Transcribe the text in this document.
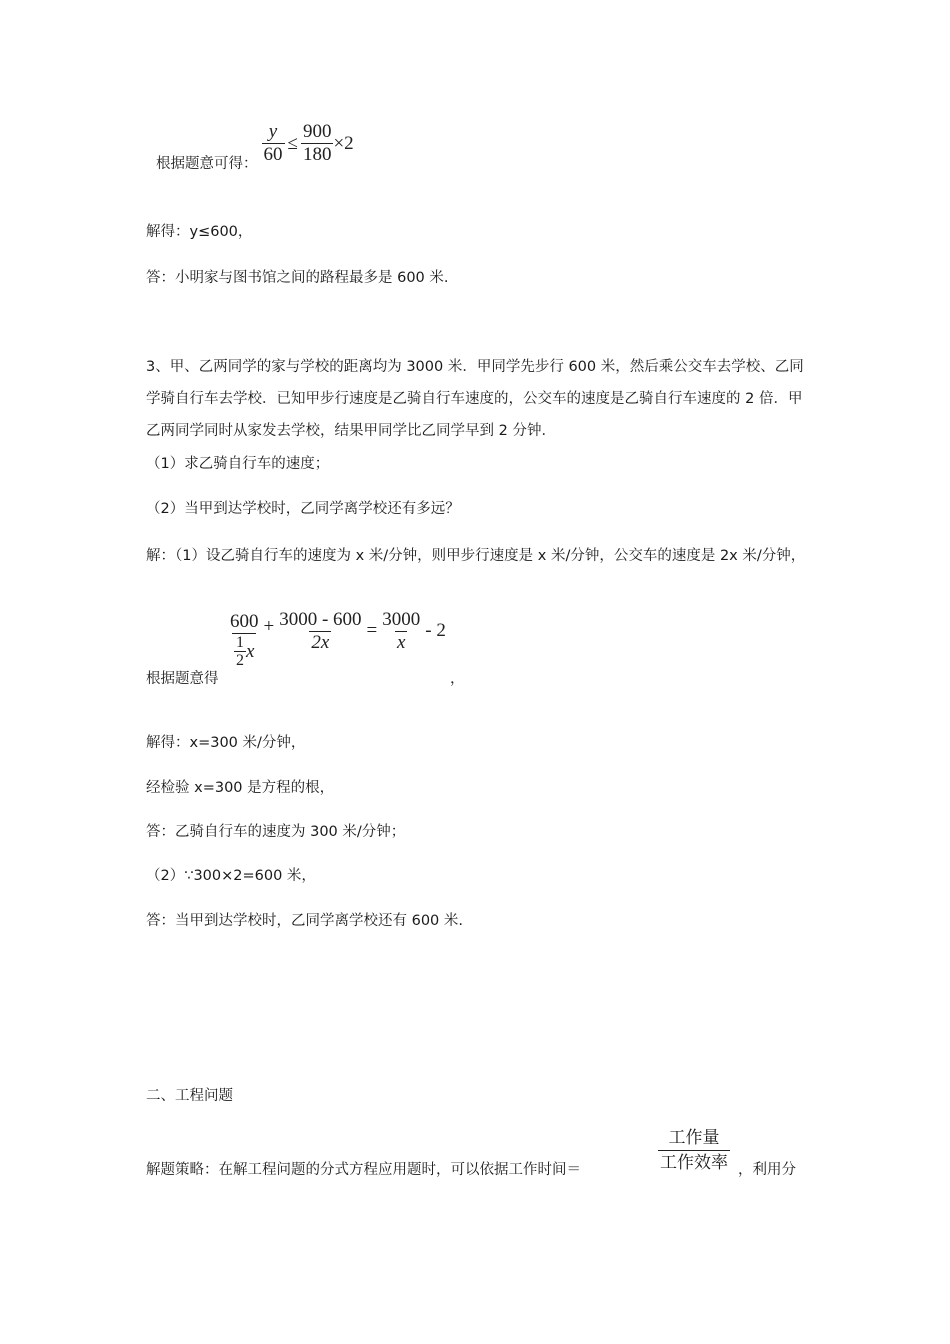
根据题意可得： $\frac{y}{60} \le \frac{900}{180} \times 2$
解得：y≤600，
答：小明家与图书馆之间的路程最多是 600 米.
3、甲、乙两同学的家与学校的距离均为 3000 米．甲同学先步行 600 米，然后乘公交车去学校、乙同学骑自行车去学校．已知甲步行速度是乙骑自行车速度的，公交车的速度是乙骑自行车速度的 2 倍．甲乙两同学同时从家发去学校，结果甲同学比乙同学早到 2 分钟．
（1）求乙骑自行车的速度；
（2）当甲到达学校时，乙同学离学校还有多远？
解：（1）设乙骑自行车的速度为 x 米/分钟，则甲步行速度是 x 米/分钟，公交车的速度是 2x 米/分钟，
$\frac{600}{\frac{1}{2} x} + \frac{3000 - 600}{2x} = \frac{3000}{x} - 2$
根据题意得	，
解得：x=300 米/分钟，
经检验 x=300 是方程的根，
答：乙骑自行车的速度为 300 米/分钟；
（2）∵300×2=600 米，
答：当甲到达学校时，乙同学离学校还有 600 米.
二、工程问题
解题策略：在解工程问题的分式方程应用题时，可以依据工作时间＝	$\frac{\text{工作量}}{\text{工作效率}}$ ，利用分
